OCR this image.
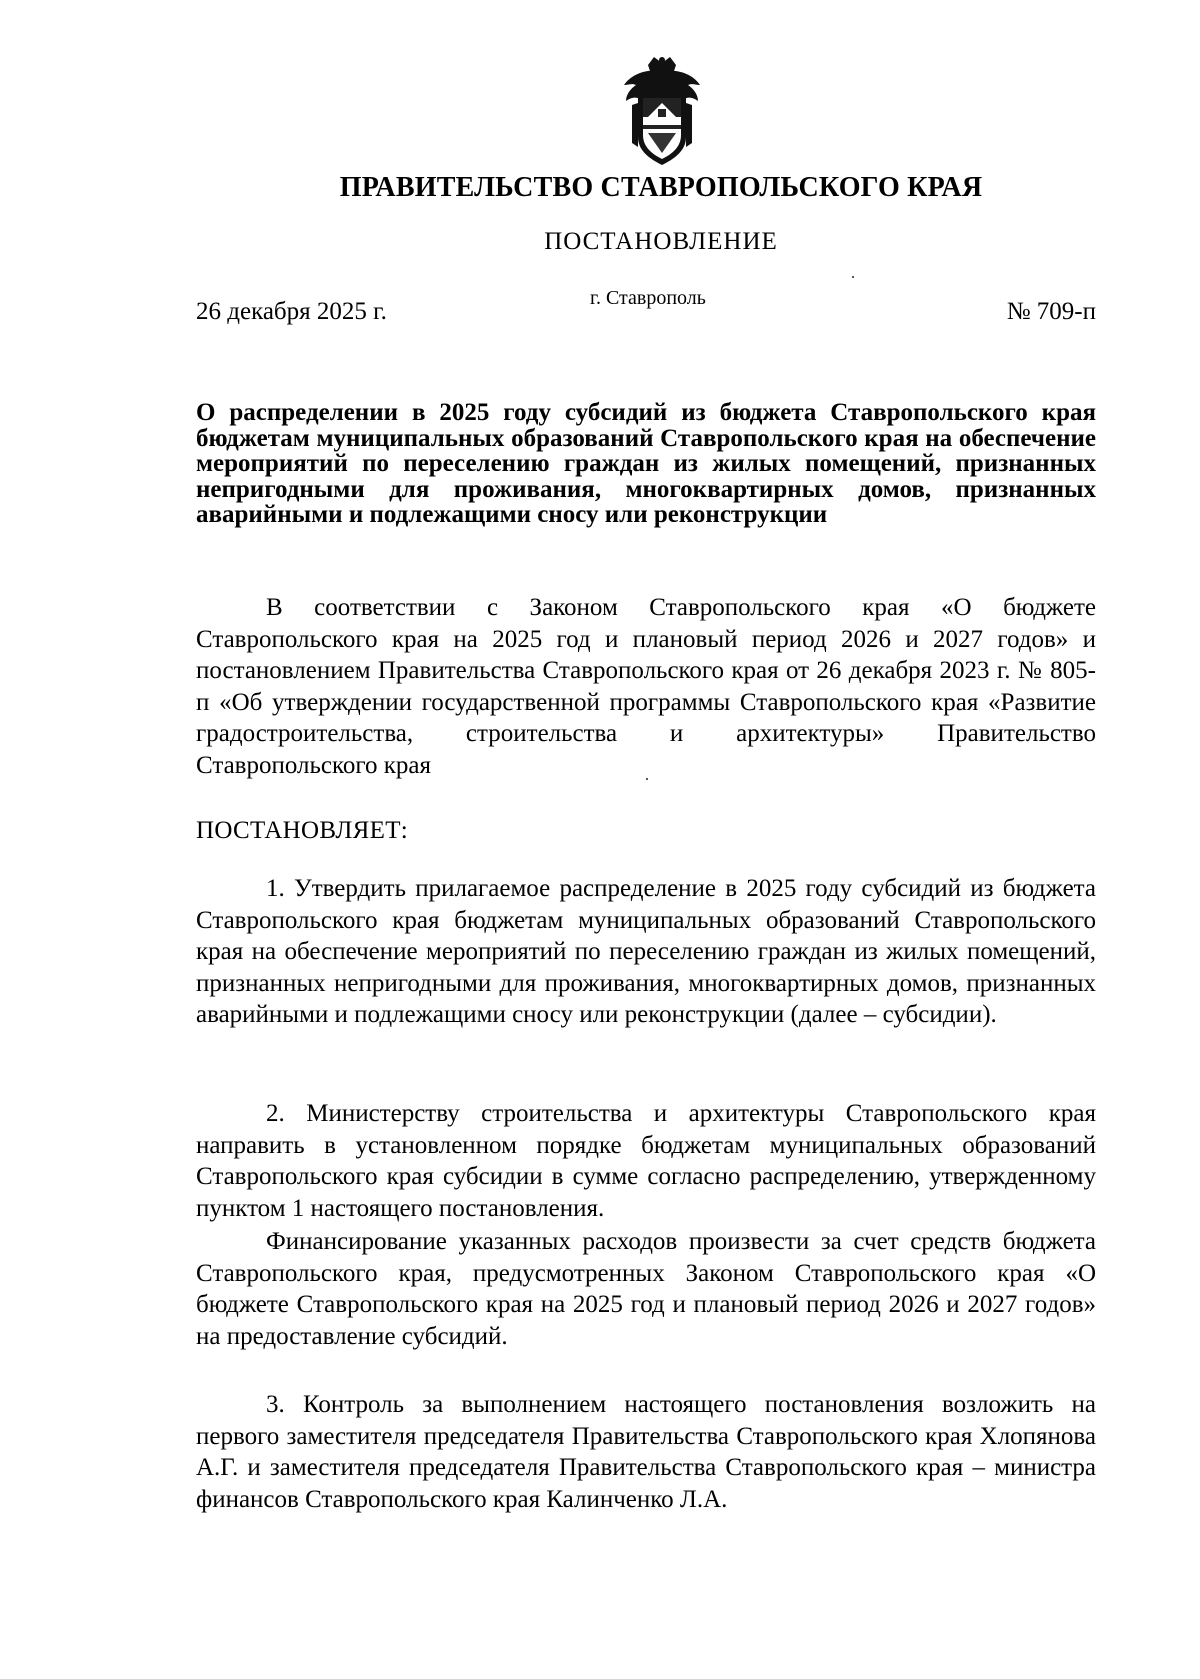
ПРАВИТЕЛЬСТВО СТАВРОПОЛЬСКОГО КРАЯ
ПОСТАНОВЛЕНИЕ
26 декабря 2025 г.	г. Ставрополь	№ 709-п
О распределении в 2025 году субсидий из бюджета Ставропольского края бюджетам муниципальных образований Ставропольского края на обеспечение мероприятий по переселению граждан из жилых помещений, признанных непригодными для проживания, многоквартирных домов, признанных аварийными и подлежащими сносу или реконструкции

В соответствии с Законом Ставропольского края «О бюджете Ставропольского края на 2025 год и плановый период 2026 и 2027 годов» и постановлением Правительства Ставропольского края от 26 декабря 2023 г. № 805-п «Об утверждении государственной программы Ставропольского края «Развитие градостроительства, строительства и архитектуры» Правительство Ставропольского края

ПОСТАНОВЛЯЕТ:

1. Утвердить прилагаемое распределение в 2025 году субсидий из бюджета Ставропольского края бюджетам муниципальных образований Ставропольского края на обеспечение мероприятий по переселению граждан из жилых помещений, признанных непригодными для проживания, многоквартирных домов, признанных аварийными и подлежащими сносу или реконструкции (далее – субсидии).

2. Министерству строительства и архитектуры Ставропольского края направить в установленном порядке бюджетам муниципальных образований Ставропольского края субсидии в сумме согласно распределению, утвержденному пунктом 1 настоящего постановления.

Финансирование указанных расходов произвести за счет средств бюджета Ставропольского края, предусмотренных Законом Ставропольского края «О бюджете Ставропольского края на 2025 год и плановый период 2026 и 2027 годов» на предоставление субсидий.

3. Контроль за выполнением настоящего постановления возложить на первого заместителя председателя Правительства Ставропольского края Хлопянова А.Г. и заместителя председателя Правительства Ставропольского края – министра финансов Ставропольского края Калинченко Л.А.
